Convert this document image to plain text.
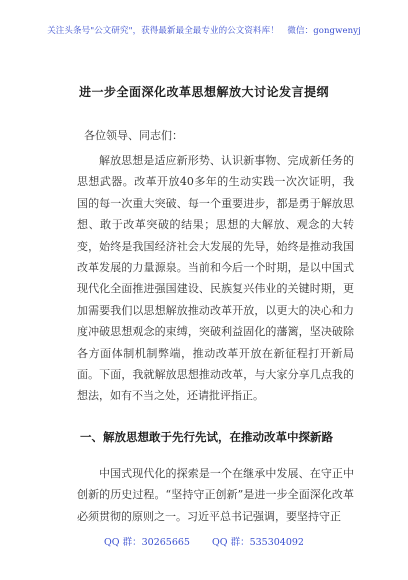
关注头条号"公文研究"，获得最新最全最专业的公文资料库！　微信：gongwenyj
进一步全面深化改革思想解放大讨论发言提纲
各位领导、同志们：

解放思想是适应新形势、认识新事物、完成新任务的思想武器。改革开放40多年的生动实践一次次证明，我国的每一次重大突破、每一个重要进步，都是勇于解放思想、敢于改革突破的结果；思想的大解放、观念的大转变，始终是我国经济社会大发展的先导，始终是推动我国改革发展的力量源泉。当前和今后一个时期，是以中国式现代化全面推进强国建设、民族复兴伟业的关键时期，更加需要我们以思想解放推动改革开放，以更大的决心和力度冲破思想观念的束缚，突破利益固化的藩篱，坚决破除各方面体制机制弊端，推动改革开放在新征程打开新局面。下面，我就解放思想推动改革，与大家分享几点我的想法，如有不当之处，还请批评指正。

一、解放思想敢于先行先试，在推动改革中探新路

中国式现代化的探索是一个在继承中发展、在守正中创新的历史过程。“坚持守正创新”是进一步全面深化改革必须贯彻的原则之一。习近平总书记强调，要坚持守正

QQ 群：30265665 QQ 群：535304092
